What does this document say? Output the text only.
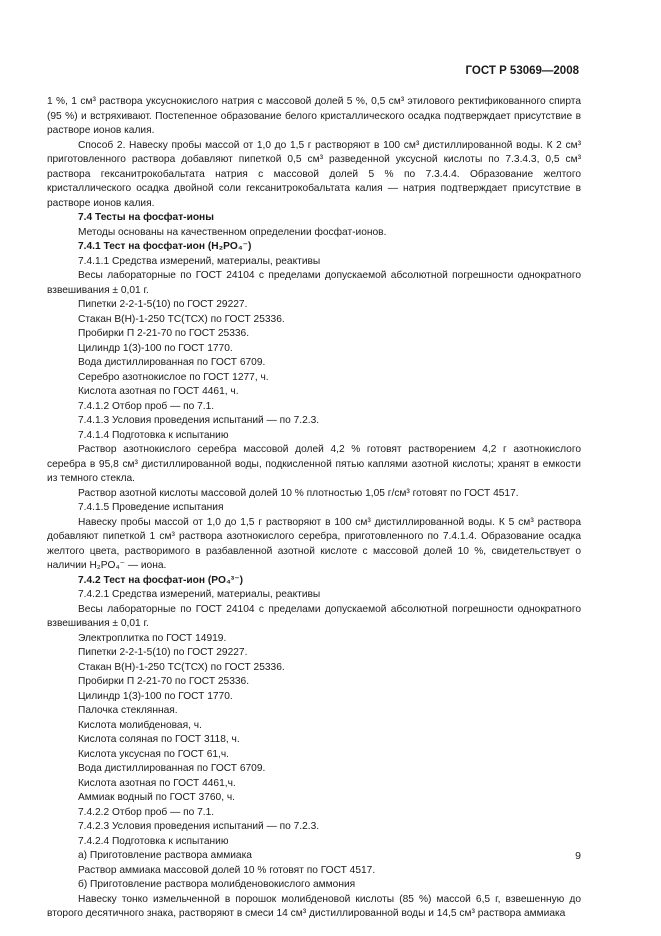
ГОСТ Р 53069—2008

1 %, 1 см³ раствора уксуснокислого натрия с массовой долей 5 %, 0,5 см³ этилового ректификованного спирта (95 %) и встряхивают. Постепенное образование белого кристаллического осадка подтверждает присутствие в растворе ионов калия.

Способ 2. Навеску пробы массой от 1,0 до 1,5 г растворяют в 100 см³ дистиллированной воды. К 2 см³ приготовленного раствора добавляют пипеткой 0,5 см³ разведенной уксусной кислоты по 7.3.4.3, 0,5 см³ раствора гексанитрокобальтата натрия с массовой долей 5 % по 7.3.4.4. Образование желтого кристаллического осадка двойной соли гексанитрокобальтата калия — натрия подтверждает присутствие в растворе ионов калия.

7.4 Тесты на фосфат-ионы

Методы основаны на качественном определении фосфат-ионов.

7.4.1 Тест на фосфат-ион (H₂PO₄⁻)

7.4.1.1 Средства измерений, материалы, реактивы

Весы лабораторные по ГОСТ 24104 с пределами допускаемой абсолютной погрешности однократного взвешивания ± 0,01 г.

Пипетки 2-2-1-5(10) по ГОСТ 29227.

Стакан В(Н)-1-250 ТС(ТСХ) по ГОСТ 25336.

Пробирки П 2-21-70 по ГОСТ 25336.

Цилиндр 1(3)-100 по ГОСТ 1770.

Вода дистиллированная по ГОСТ 6709.

Серебро азотнокислое по ГОСТ 1277, ч.

Кислота азотная по ГОСТ 4461, ч.

7.4.1.2 Отбор проб — по 7.1.

7.4.1.3 Условия проведения испытаний — по 7.2.3.

7.4.1.4 Подготовка к испытанию

Раствор азотнокислого серебра массовой долей 4,2 % готовят растворением 4,2 г азотнокислого серебра в 95,8 см³ дистиллированной воды, подкисленной пятью каплями азотной кислоты; хранят в емкости из темного стекла.

Раствор азотной кислоты массовой долей 10 % плотностью 1,05 г/см³ готовят по ГОСТ 4517.

7.4.1.5 Проведение испытания

Навеску пробы массой от 1,0 до 1,5 г растворяют в 100 см³ дистиллированной воды. К 5 см³ раствора добавляют пипеткой 1 см³ раствора азотнокислого серебра, приготовленного по 7.4.1.4. Образование осадка желтого цвета, растворимого в разбавленной азотной кислоте с массовой долей 10 %, свидетельствует о наличии H₂PO₄⁻ — иона.

7.4.2 Тест на фосфат-ион (PO₄³⁻)

7.4.2.1 Средства измерений, материалы, реактивы

Весы лабораторные по ГОСТ 24104 с пределами допускаемой абсолютной погрешности однократного взвешивания ± 0,01 г.

Электроплитка по ГОСТ 14919.

Пипетки 2-2-1-5(10) по ГОСТ 29227.

Стакан В(Н)-1-250 ТС(ТСХ) по ГОСТ 25336.

Пробирки П 2-21-70 по ГОСТ 25336.

Цилиндр 1(3)-100 по ГОСТ 1770.

Палочка стеклянная.

Кислота молибденовая, ч.

Кислота соляная по ГОСТ 3118, ч.

Кислота уксусная по ГОСТ 61,ч.

Вода дистиллированная по ГОСТ 6709.

Кислота азотная по ГОСТ 4461,ч.

Аммиак водный по ГОСТ 3760, ч.

7.4.2.2 Отбор проб — по 7.1.

7.4.2.3 Условия проведения испытаний — по 7.2.3.

7.4.2.4 Подготовка к испытанию

а) Приготовление раствора аммиака

Раствор аммиака массовой долей 10 % готовят по ГОСТ 4517.

б) Приготовление раствора молибденовокислого аммония

Навеску тонко измельченной в порошок молибденовой кислоты (85 %) массой 6,5 г, взвешенную до второго десятичного знака, растворяют в смеси 14 см³ дистиллированной воды и 14,5 см³ раствора аммиака

9
